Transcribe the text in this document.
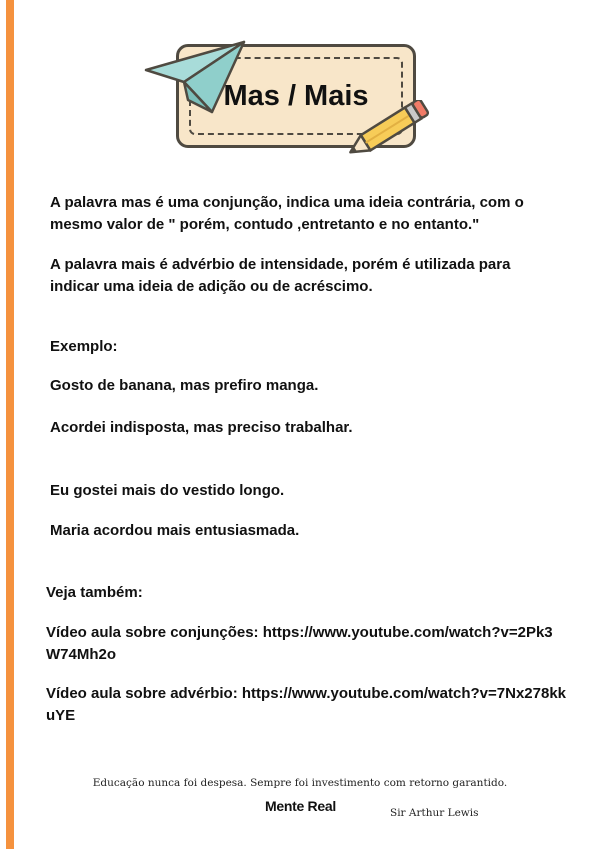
Mas / Mais
A palavra mas é uma conjunção, indica uma ideia contrária, com o mesmo valor de " porém, contudo ,entretanto e no entanto."
A palavra mais é advérbio de intensidade, porém é utilizada para indicar uma ideia de adição ou de acréscimo.
Exemplo:
Gosto de banana, mas prefiro manga.
Acordei indisposta, mas preciso trabalhar.
Eu gostei mais do vestido longo.
Maria acordou mais entusiasmada.
Veja também:
Vídeo aula sobre conjunções: https://www.youtube.com/watch?v=2Pk3W74Mh2o
Vídeo aula sobre advérbio: https://www.youtube.com/watch?v=7Nx278kkuYE
Educação nunca foi despesa. Sempre foi investimento com retorno garantido.
Mente Real	Sir Arthur Lewis
